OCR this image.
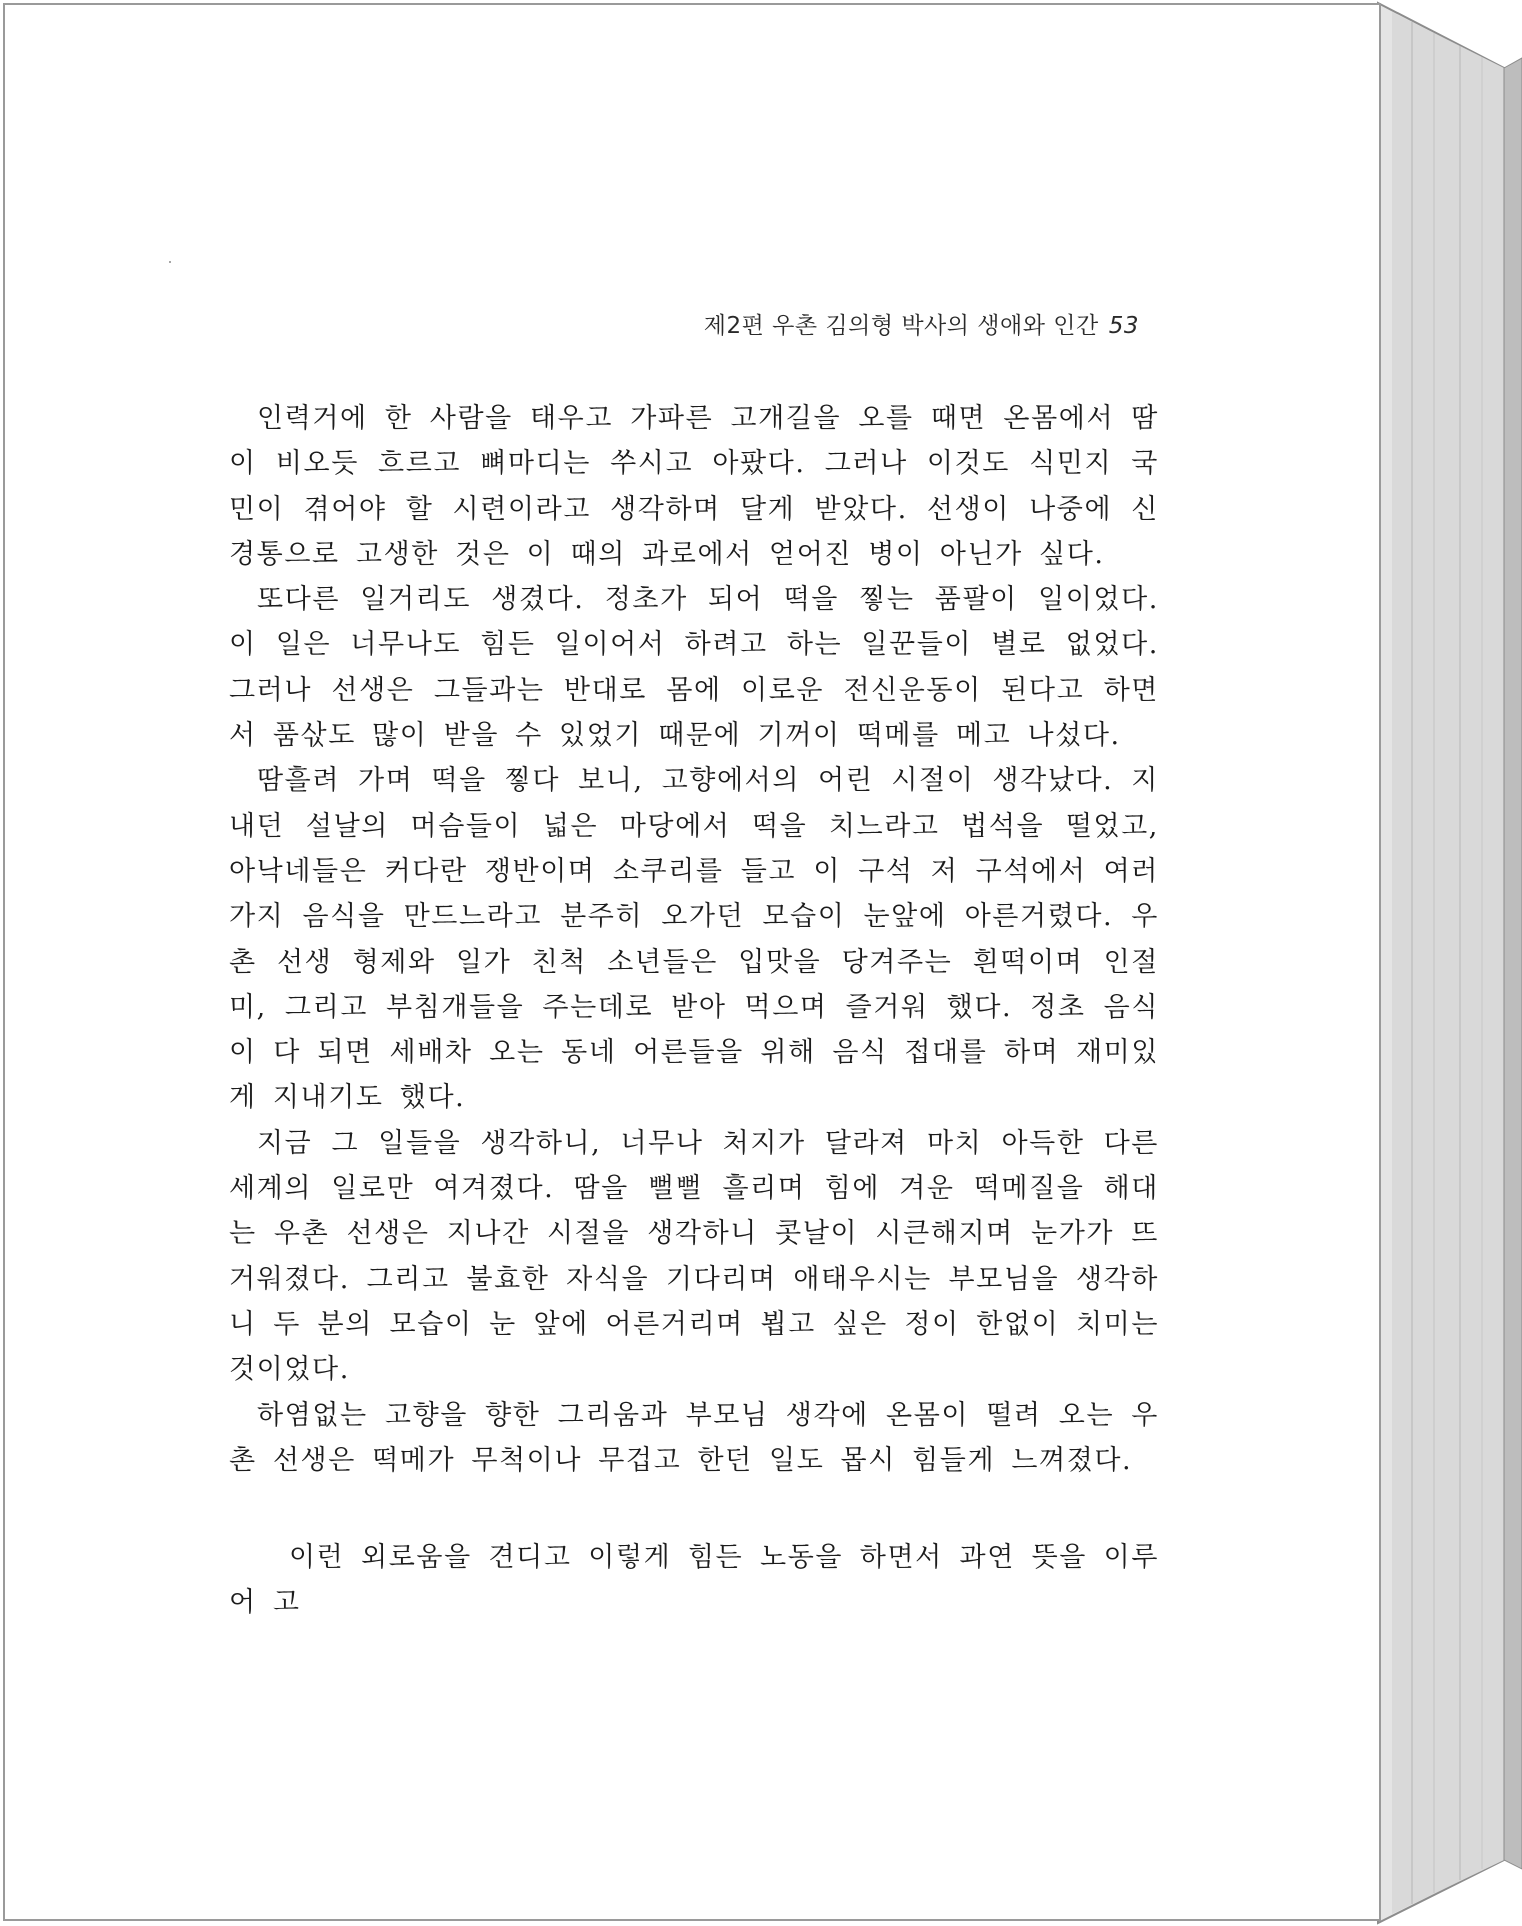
제2편 우촌 김의형 박사의 생애와 인간 53

인력거에 한 사람을 태우고 가파른 고개길을 오를 때면 온몸에서 땀이 비오듯 흐르고 뼈마디는 쑤시고 아팠다. 그러나 이것도 식민지 국민이 겪어야 할 시련이라고 생각하며 달게 받았다. 선생이 나중에 신경통으로 고생한 것은 이 때의 과로에서 얻어진 병이 아닌가 싶다.

또다른 일거리도 생겼다. 정초가 되어 떡을 찧는 품팔이 일이었다. 이 일은 너무나도 힘든 일이어서 하려고 하는 일꾼들이 별로 없었다. 그러나 선생은 그들과는 반대로 몸에 이로운 전신운동이 된다고 하면서 품삯도 많이 받을 수 있었기 때문에 기꺼이 떡메를 메고 나섰다.

땀흘려 가며 떡을 찧다 보니, 고향에서의 어린 시절이 생각났다. 지내던 설날의 머슴들이 넓은 마당에서 떡을 치느라고 법석을 떨었고, 아낙네들은 커다란 쟁반이며 소쿠리를 들고 이 구석 저 구석에서 여러가지 음식을 만드느라고 분주히 오가던 모습이 눈앞에 아른거렸다. 우촌 선생 형제와 일가 친척 소년들은 입맛을 당겨주는 흰떡이며 인절미, 그리고 부침개들을 주는데로 받아 먹으며 즐거워 했다. 정초 음식이 다 되면 세배차 오는 동네 어른들을 위해 음식 접대를 하며 재미있게 지내기도 했다.

지금 그 일들을 생각하니, 너무나 처지가 달라져 마치 아득한 다른 세계의 일로만 여겨졌다. 땀을 뻘뻘 흘리며 힘에 겨운 떡메질을 해대는 우촌 선생은 지나간 시절을 생각하니 콧날이 시큰해지며 눈가가 뜨거워졌다. 그리고 불효한 자식을 기다리며 애태우시는 부모님을 생각하니 두 분의 모습이 눈 앞에 어른거리며 뵙고 싶은 정이 한없이 치미는 것이었다.

하염없는 고향을 향한 그리움과 부모님 생각에 온몸이 떨려 오는 우촌 선생은 떡메가 무척이나 무겁고 한던 일도 몹시 힘들게 느껴졌다.

이런 외로움을 견디고 이렇게 힘든 노동을 하면서 과연 뜻을 이루어 고
